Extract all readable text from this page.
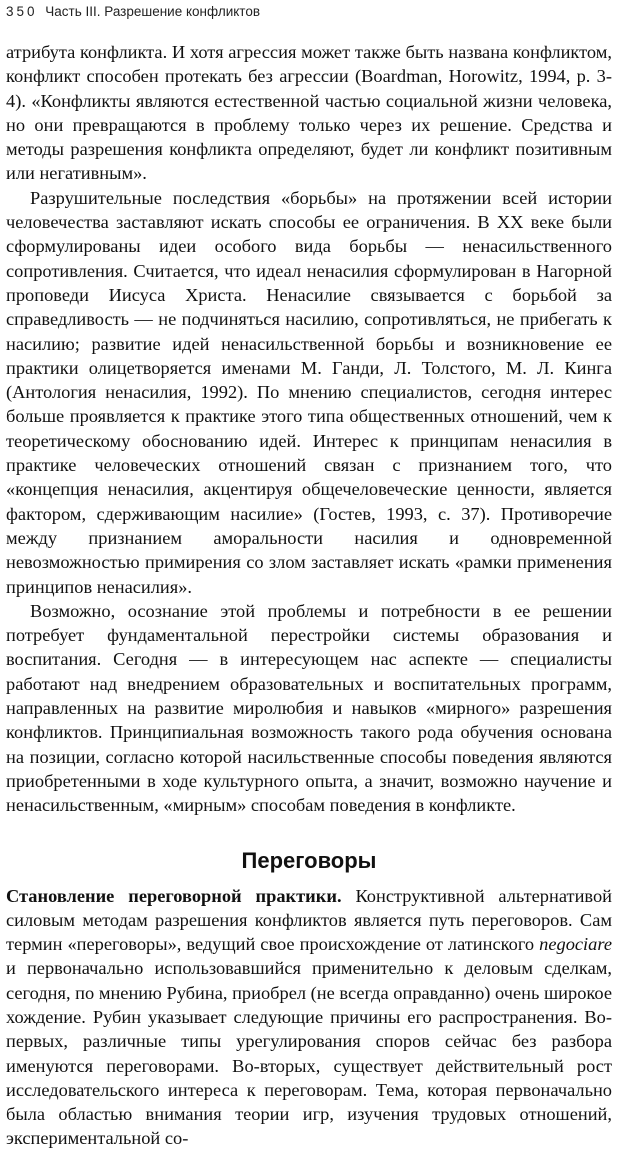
350 Часть III. Разрешение конфликтов

атрибута конфликта. И хотя агрессия может также быть названа конфликтом, конфликт способен протекать без агрессии (Boardman, Horowitz, 1994, p. 3-4). «Конфликты являются естественной частью социальной жизни человека, но они превращаются в проблему только через их решение. Средства и методы разрешения конфликта определяют, будет ли конфликт позитивным или негативным».

Разрушительные последствия «борьбы» на протяжении всей истории человечества заставляют искать способы ее ограничения. В XX веке были сформулированы идеи особого вида борьбы — ненасильственного сопротивления. Считается, что идеал ненасилия сформулирован в Нагорной проповеди Иисуса Христа. Ненасилие связывается с борьбой за справедливость — не подчиняться насилию, сопротивляться, не прибегать к насилию; развитие идей ненасильственной борьбы и возникновение ее практики олицетворяется именами М. Ганди, Л. Толстого, М. Л. Кинга (Антология ненасилия, 1992). По мнению специалистов, сегодня интерес больше проявляется к практике этого типа общественных отношений, чем к теоретическому обоснованию идей. Интерес к принципам ненасилия в практике человеческих отношений связан с признанием того, что «концепция ненасилия, акцентируя общечеловеческие ценности, является фактором, сдерживающим насилие» (Гостев, 1993, с. 37). Противоречие между признанием аморальности насилия и одновременной невозможностью примирения со злом заставляет искать «рамки применения принципов ненасилия».

Возможно, осознание этой проблемы и потребности в ее решении потребует фундаментальной перестройки системы образования и воспитания. Сегодня — в интересующем нас аспекте — специалисты работают над внедрением образовательных и воспитательных программ, направленных на развитие миролюбия и навыков «мирного» разрешения конфликтов. Принципиальная возможность такого рода обучения основана на позиции, согласно которой насильственные способы поведения являются приобретенными в ходе культурного опыта, а значит, возможно научение и ненасильственным, «мирным» способам поведения в конфликте.

Переговоры

Становление переговорной практики. Конструктивной альтернативой силовым методам разрешения конфликтов является путь переговоров. Сам термин «переговоры», ведущий свое происхождение от латинского negociare и первоначально использовавшийся применительно к деловым сделкам, сегодня, по мнению Рубина, приобрел (не всегда оправданно) очень широкое хождение. Рубин указывает следующие причины его распространения. Во-первых, различные типы урегулирования споров сейчас без разбора именуются переговорами. Во-вторых, существует действительный рост исследовательского интереса к переговорам. Тема, которая первоначально была областью внимания теории игр, изучения трудовых отношений, экспериментальной со-
